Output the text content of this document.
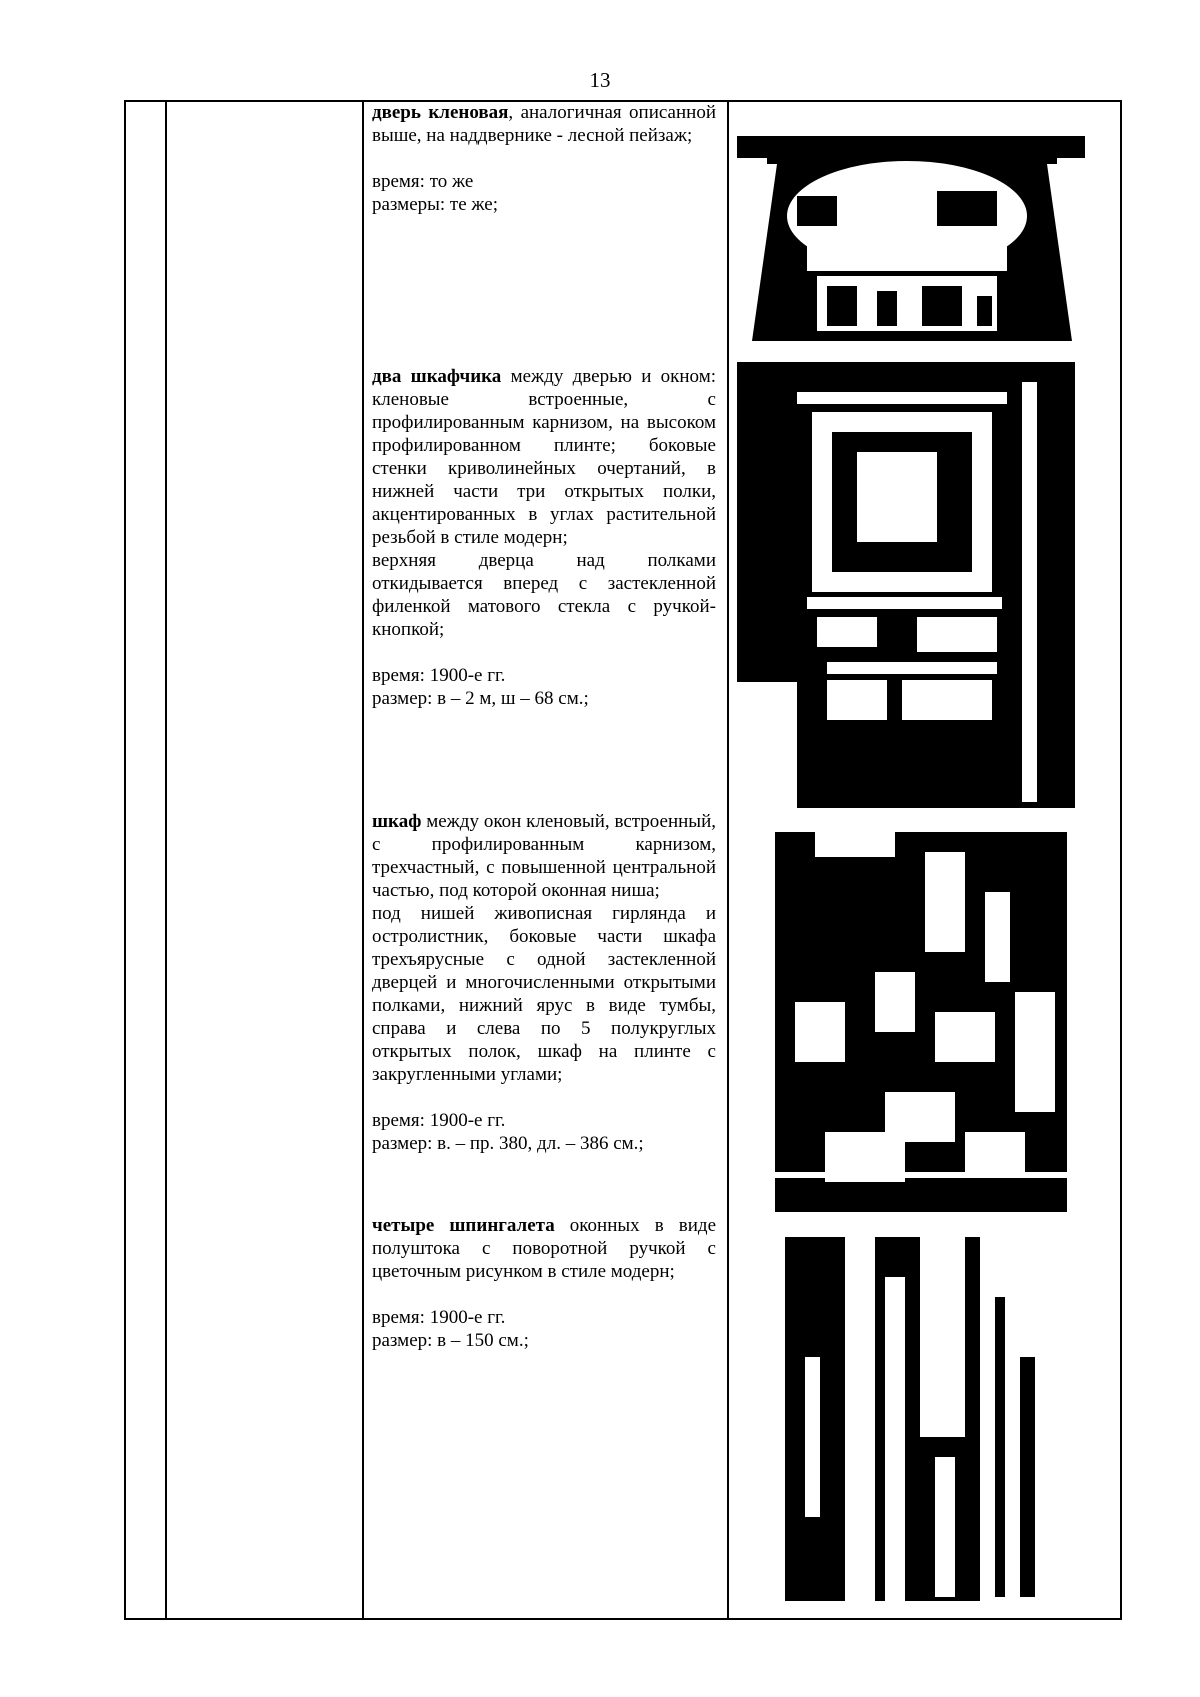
13

дверь кленовая, аналогичная описанной выше, на наддвернике - лесной пейзаж;

время: то же

размеры: те же;

два шкафчика между дверью и окном: кленовые встроенные, с профилированным карнизом, на высоком профилированном плинте; боковые стенки криволинейных очертаний, в нижней части три открытых полки, акцентированных в углах растительной резьбой в стиле модерн;

верхняя дверца над полками откидывается вперед с застекленной филенкой матового стекла с ручкой-кнопкой;

время: 1900-е гг.

размер: в – 2 м, ш – 68 см.;

шкаф между окон кленовый, встроенный, с профилированным карнизом, трехчастный, с повышенной центральной частью, под которой оконная ниша;

под нишей живописная гирлянда и остролистник, боковые части шкафа трехъярусные с одной застекленной дверцей и многочисленными открытыми полками, нижний ярус в виде тумбы, справа и слева по 5 полукруглых открытых полок, шкаф на плинте с закругленными углами;

время: 1900-е гг.

размер: в. – пр. 380, дл. – 386 см.;

четыре шпингалета оконных в виде полуштока с поворотной ручкой с цветочным рисунком в стиле модерн;

время: 1900-е гг.

размер: в – 150 см.;
